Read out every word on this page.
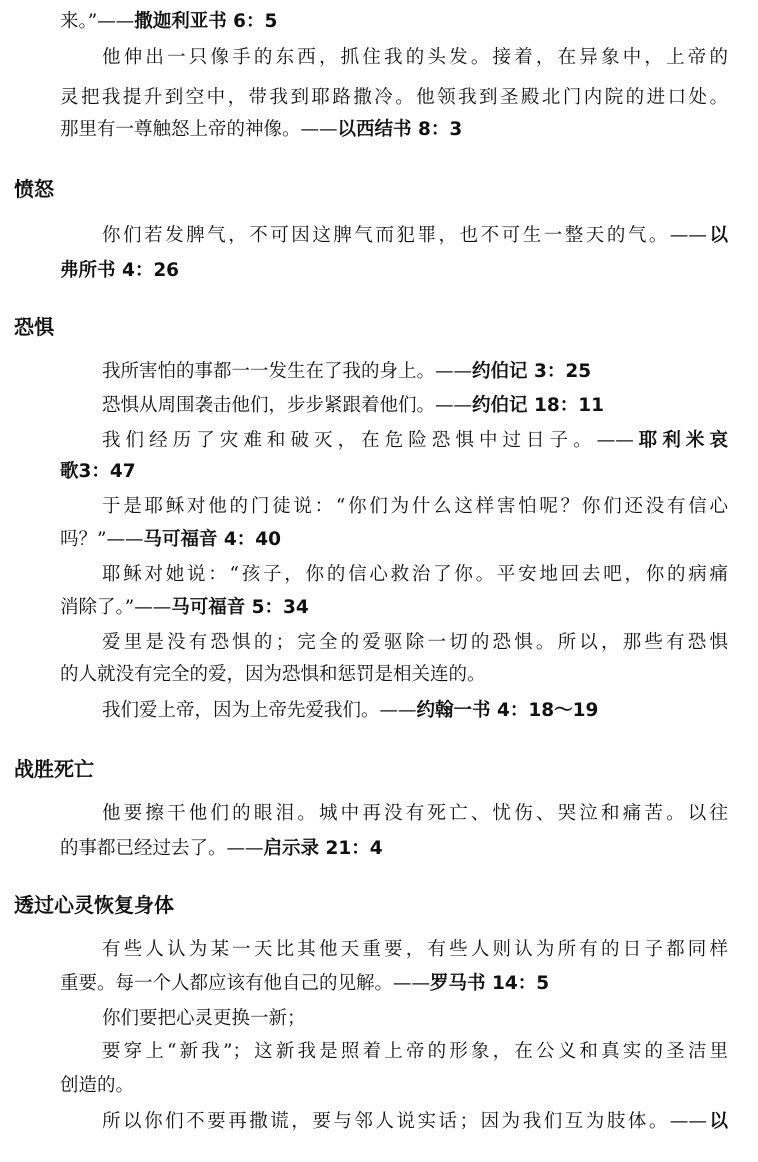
来。”——撒迦利亚书 6：5
他伸出一只像手的东西，抓住我的头发。接着，在异象中，上帝的
灵把我提升到空中，带我到耶路撒冷。他领我到圣殿北门内院的进口处。
那里有一尊触怒上帝的神像。——以西结书 8：3
愤怒
你们若发脾气，不可因这脾气而犯罪，也不可生一整天的气。——以
弗所书 4：26
恐惧
我所害怕的事都一一发生在了我的身上。——约伯记 3：25
恐惧从周围袭击他们，步步紧跟着他们。——约伯记 18：11
我们经历了灾难和破灭，在危险恐惧中过日子。——耶利米哀
歌3：47
于是耶稣对他的门徒说：“你们为什么这样害怕呢？你们还没有信心
吗？”——马可福音 4：40
耶稣对她说：“孩子，你的信心救治了你。平安地回去吧，你的病痛
消除了。”——马可福音 5：34
爱里是没有恐惧的；完全的爱驱除一切的恐惧。所以，那些有恐惧
的人就没有完全的爱，因为恐惧和惩罚是相关连的。
我们爱上帝，因为上帝先爱我们。——约翰一书 4：18～19
战胜死亡
他要擦干他们的眼泪。城中再没有死亡、忧伤、哭泣和痛苦。以往
的事都已经过去了。——启示录 21：4
透过心灵恢复身体
有些人认为某一天比其他天重要，有些人则认为所有的日子都同样
重要。每一个人都应该有他自己的见解。——罗马书 14：5
你们要把心灵更换一新；
要穿上“新我”；这新我是照着上帝的形象，在公义和真实的圣洁里
创造的。
所以你们不要再撒谎，要与邻人说实话；因为我们互为肢体。——以
